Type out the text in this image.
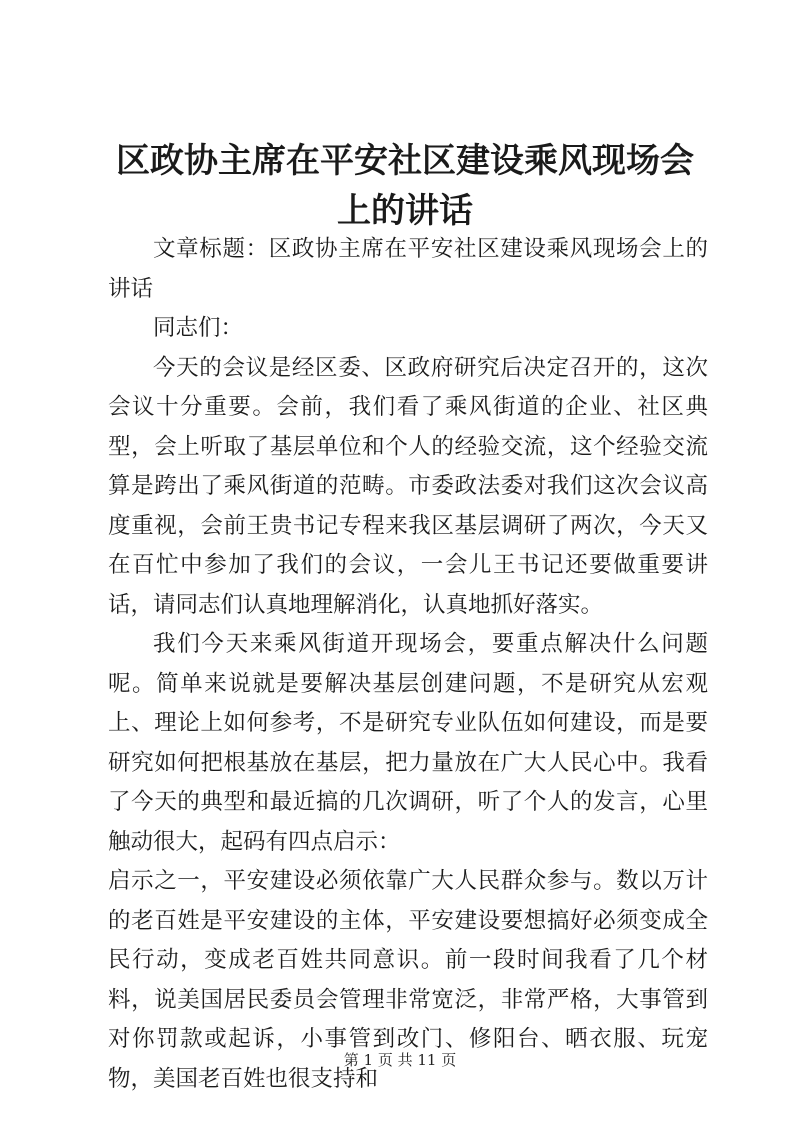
区政协主席在平安社区建设乘风现场会上的讲话

文章标题：区政协主席在平安社区建设乘风现场会上的讲话

同志们：

今天的会议是经区委、区政府研究后决定召开的，这次会议十分重要。会前，我们看了乘风街道的企业、社区典型，会上听取了基层单位和个人的经验交流，这个经验交流算是跨出了乘风街道的范畴。市委政法委对我们这次会议高度重视，会前王贵书记专程来我区基层调研了两次，今天又在百忙中参加了我们的会议，一会儿王书记还要做重要讲话，请同志们认真地理解消化，认真地抓好落实。

我们今天来乘风街道开现场会，要重点解决什么问题呢。简单来说就是要解决基层创建问题，不是研究从宏观上、理论上如何参考，不是研究专业队伍如何建设，而是要研究如何把根基放在基层，把力量放在广大人民心中。我看了今天的典型和最近搞的几次调研，听了个人的发言，心里触动很大，起码有四点启示：

启示之一，平安建设必须依靠广大人民群众参与。数以万计的老百姓是平安建设的主体，平安建设要想搞好必须变成全民行动，变成老百姓共同意识。前一段时间我看了几个材料，说美国居民委员会管理非常宽泛，非常严格，大事管到对你罚款或起诉，小事管到改门、修阳台、晒衣服、玩宠物，美国老百姓也很支持和

第 1 页 共 11 页
